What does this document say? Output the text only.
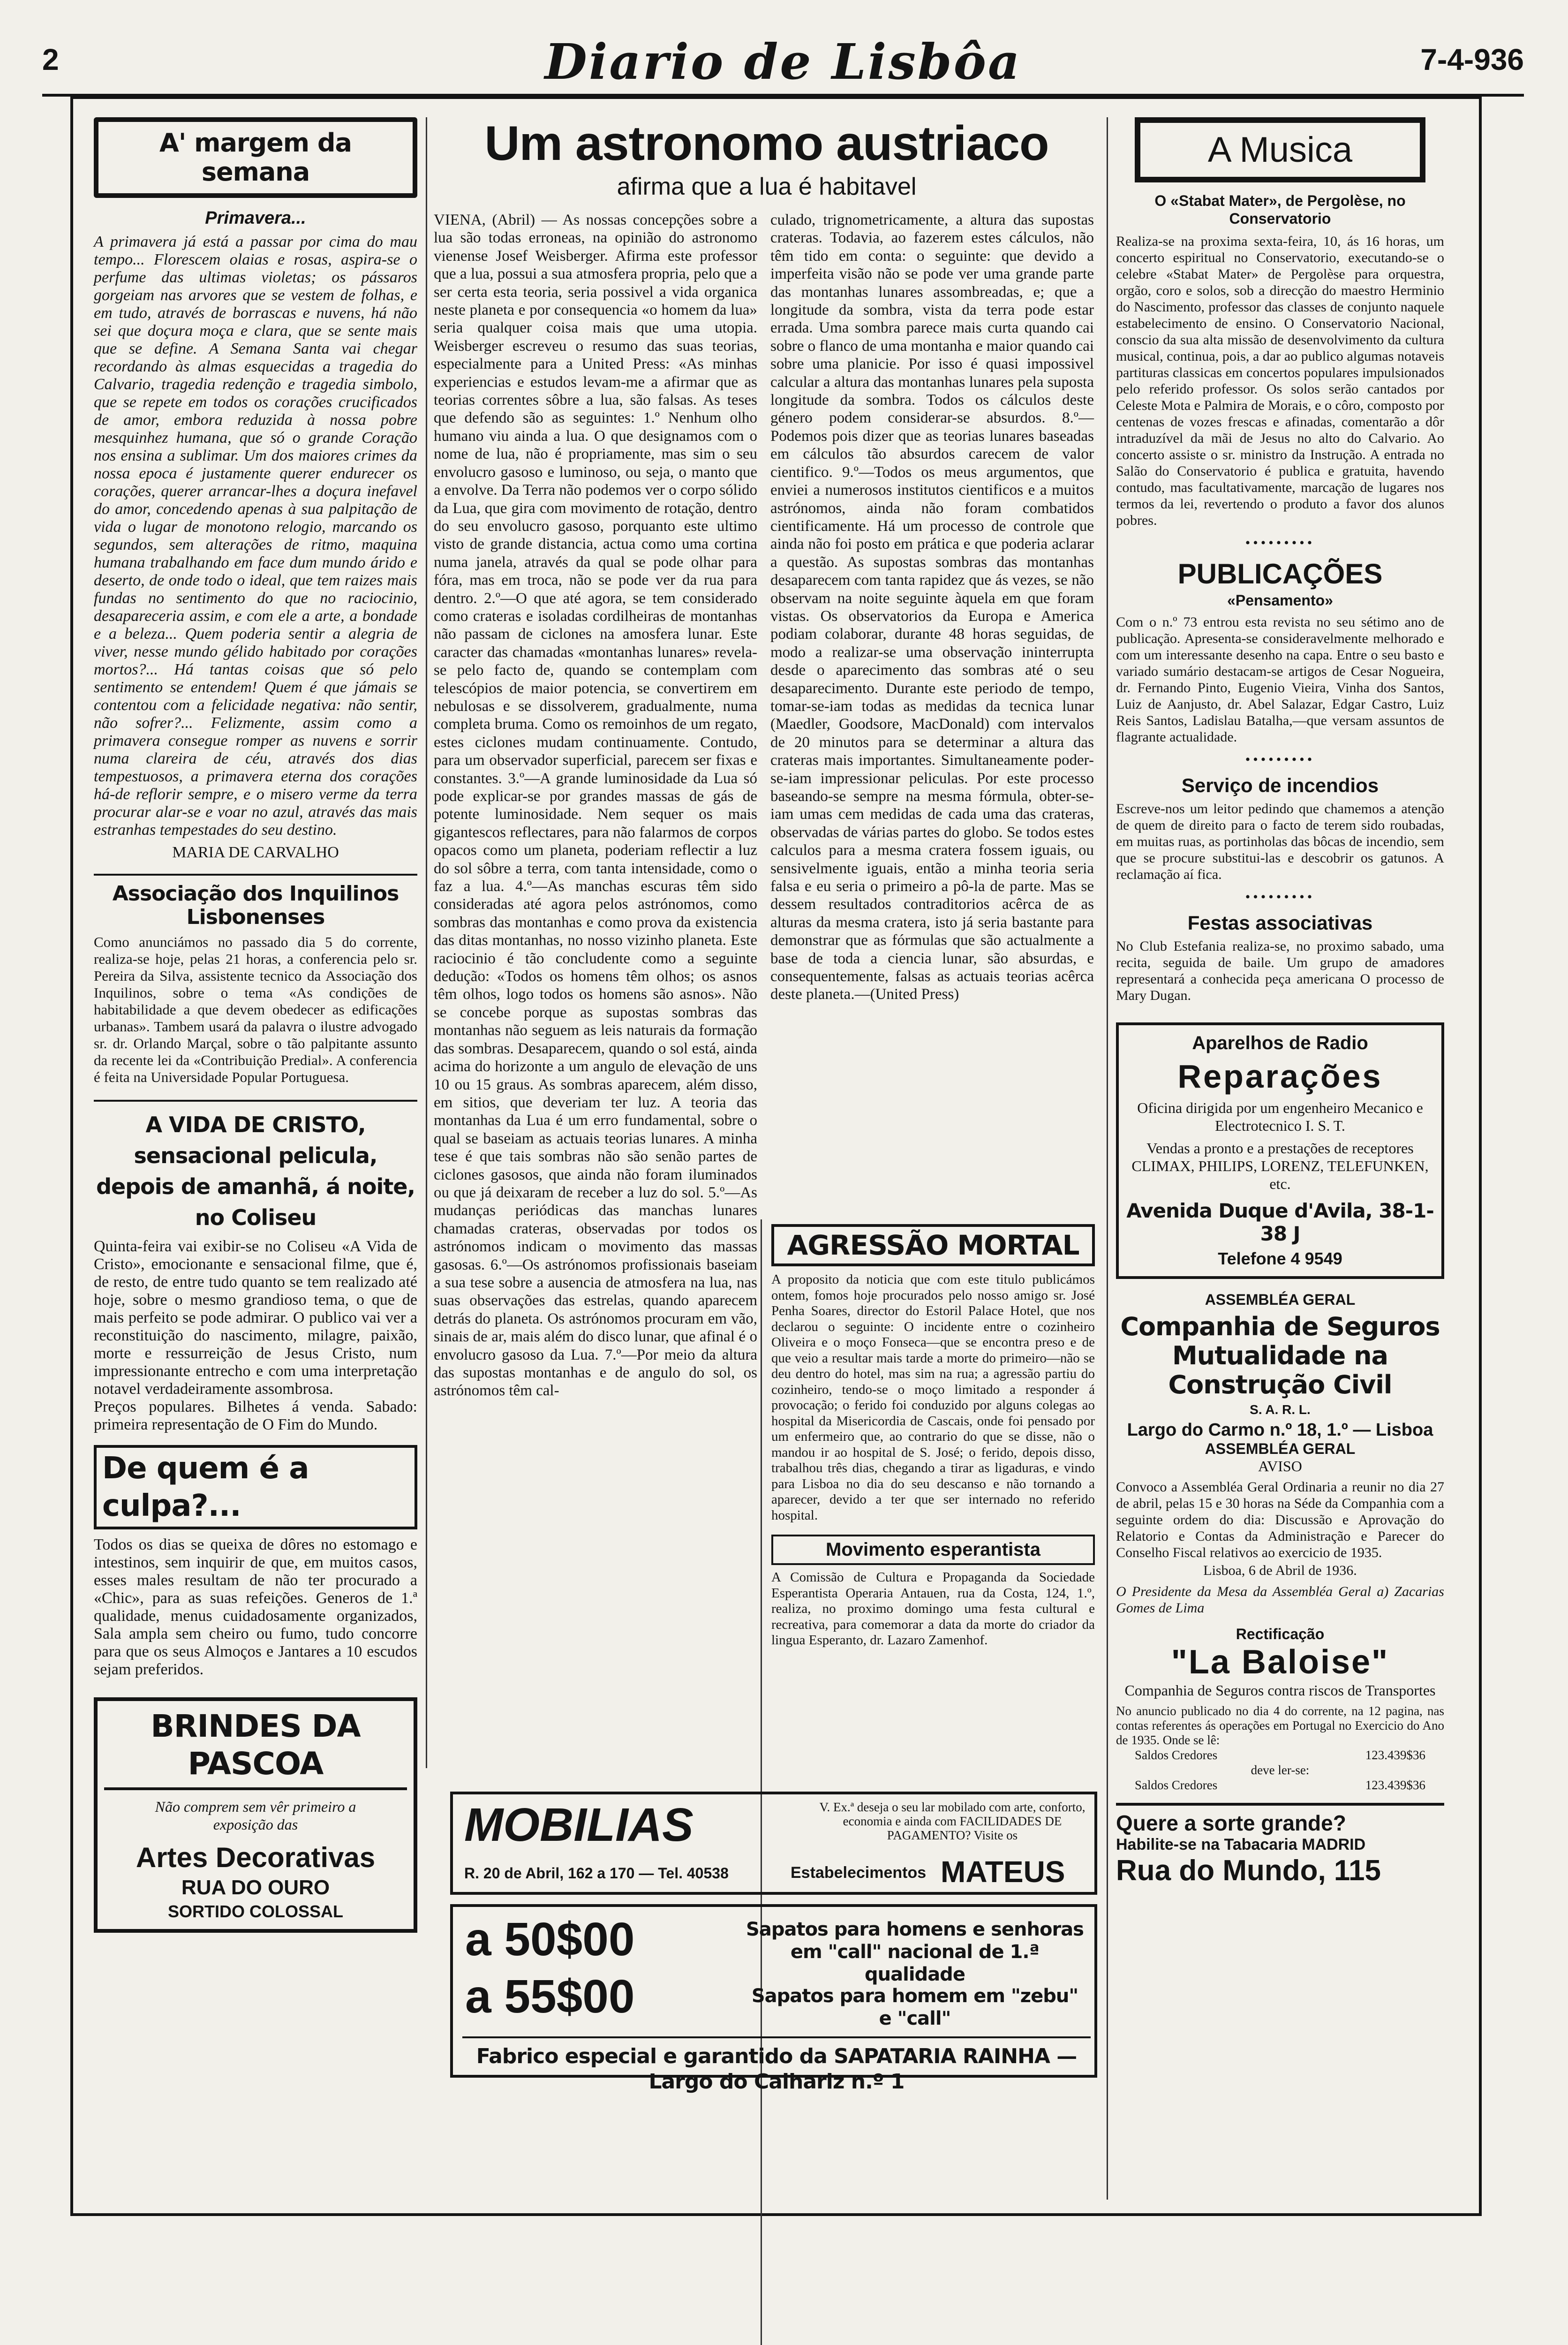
2	Diario de Lisbôa	7-4-936
A' margem da semana
Primavera...

A primavera já está a passar por cima do mau tempo... Florescem olaias e rosas, aspira-se o perfume das ultimas violetas; os pássaros gorgeiam nas arvores que se vestem de folhas, e em tudo, através de borrascas e nuvens, há não sei que doçura moça e clara, que se sente mais que se define. A Semana Santa vai chegar recordando às almas esquecidas a tragedia do Calvario, tragedia redenção e tragedia simbolo, que se repete em todos os corações crucificados de amor, embora reduzida à nossa pobre mesquinhez humana, que só o grande Coração nos ensina a sublimar. Um dos maiores crimes da nossa epoca é justamente querer endurecer os corações, querer arrancar-lhes a doçura inefavel do amor, concedendo apenas à sua palpitação de vida o lugar de monotono relogio, marcando os segundos, sem alterações de ritmo, maquina humana trabalhando em face dum mundo árido e deserto, de onde todo o ideal, que tem raizes mais fundas no sentimento do que no raciocinio, desapareceria assim, e com ele a arte, a bondade e a beleza... Quem poderia sentir a alegria de viver, nesse mundo gélido habitado por corações mortos?... Há tantas coisas que só pelo sentimento se entendem! Quem é que jámais se contentou com a felicidade negativa: não sentir, não sofrer?... Felizmente, assim como a primavera consegue romper as nuvens e sorrir numa clareira de céu, através dos dias tempestuosos, a primavera eterna dos corações há-de reflorir sempre, e o misero verme da terra procurar alar-se e voar no azul, através das mais estranhas tempestades do seu destino.

MARIA DE CARVALHO
Associação dos Inquilinos Lisbonenses

Como anunciámos no passado dia 5 do corrente, realiza-se hoje, pelas 21 horas, a conferencia pelo sr. Pereira da Silva, assistente tecnico da Associação dos Inquilinos, sobre o tema «As condições de habitabilidade a que devem obedecer as edificações urbanas». Tambem usará da palavra o ilustre advogado sr. dr. Orlando Marçal, sobre o tão palpitante assunto da recente lei da «Contribuição Predial». A conferencia é feita na Universidade Popular Portuguesa.

A VIDA DE CRISTO, sensacional pelicula, depois de amanhã, á noite, no Coliseu

Quinta-feira vai exibir-se no Coliseu «A Vida de Cristo», emocionante e sensacional filme, que é, de resto, de entre tudo quanto se tem realizado até hoje, sobre o mesmo grandioso tema, o que de mais perfeito se pode admirar. O publico vai ver a reconstituição do nascimento, milagre, paixão, morte e ressurreição de Jesus Cristo, num impressionante entrecho e com uma interpretação notavel verdadeiramente assombrosa.

Preços populares. Bilhetes á venda. Sabado: primeira representação de O Fim do Mundo.

De quem é a culpa?...

Todos os dias se queixa de dôres no estomago e intestinos, sem inquirir de que, em muitos casos, esses males resultam de não ter procurado a «Chic», para as suas refeições. Generos de 1.ª qualidade, menus cuidadosamente organizados, Sala ampla sem cheiro ou fumo, tudo concorre para que os seus Almoços e Jantares a 10 escudos sejam preferidos.

BRINDES DA PASCOA
Não comprem sem vêr primeiro a exposição das
Artes Decorativas
RUA DO OURO
SORTIDO COLOSSAL
Um astronomo austriaco
afirma que a lua é habitavel

VIENA, (Abril) — As nossas concepções sobre a lua são todas erroneas, na opinião do astronomo vienense Josef Weisberger. Afirma este professor que a lua, possui a sua atmosfera propria, pelo que a ser certa esta teoria, seria possivel a vida organica neste planeta e por consequencia «o homem da lua» seria qualquer coisa mais que uma utopia. Weisberger escreveu o resumo das suas teorias, especialmente para a United Press: «As minhas experiencias e estudos levam-me a afirmar que as teorias correntes sôbre a lua, são falsas. As teses que defendo são as seguintes: 1.º Nenhum olho humano viu ainda a lua. O que designamos com o nome de lua, não é propriamente, mas sim o seu envolucro gasoso e luminoso, ou seja, o manto que a envolve. Da Terra não podemos ver o corpo sólido da Lua, que gira com movimento de rotação, dentro do seu envolucro gasoso, porquanto este ultimo visto de grande distancia, actua como uma cortina numa janela, através da qual se pode olhar para fóra, mas em troca, não se pode ver da rua para dentro. 2.º—O que até agora, se tem considerado como crateras e isoladas cordilheiras de montanhas não passam de ciclones na amosfera lunar. Este caracter das chamadas «montanhas lunares» revela-se pelo facto de, quando se contemplam com telescópios de maior potencia, se convertirem em nebulosas e se dissolverem, gradualmente, numa completa bruma. Como os remoinhos de um regato, estes ciclones mudam continuamente. Contudo, para um observador superficial, parecem ser fixas e constantes. 3.º—A grande luminosidade da Lua só pode explicar-se por grandes massas de gás de potente luminosidade. Nem sequer os mais gigantescos reflectares, para não falarmos de corpos opacos como um planeta, poderiam reflectir a luz do sol sôbre a terra, com tanta intensidade, como o faz a lua. 4.º—As manchas escuras têm sido consideradas até agora pelos astrónomos, como sombras das montanhas e como prova da existencia das ditas montanhas, no nosso vizinho planeta. Este raciocinio é tão concludente como a seguinte dedução: «Todos os homens têm olhos; os asnos têm olhos, logo todos os homens são asnos». Não se concebe porque as supostas sombras das montanhas não seguem as leis naturais da formação das sombras. Desaparecem, quando o sol está, ainda acima do horizonte a um angulo de elevação de uns 10 ou 15 graus. As sombras aparecem, além disso, em sitios, que deveriam ter luz. A teoria das montanhas da Lua é um erro fundamental, sobre o qual se baseiam as actuais teorias lunares. A minha tese é que tais sombras não são senão partes de ciclones gasosos, que ainda não foram iluminados ou que já deixaram de receber a luz do sol. 5.º—As mudanças periódicas das manchas lunares chamadas crateras, observadas por todos os astrónomos indicam o movimento das massas gasosas. 6.º—Os astrónomos profissionais baseiam a sua tese sobre a ausencia de atmosfera na lua, nas suas observações das estrelas, quando aparecem detrás do planeta. Os astrónomos procuram em vão, sinais de ar, mais além do disco lunar, que afinal é o envolucro gasoso da Lua. 7.º—Por meio da altura das supostas montanhas e de angulo do sol, os astrónomos têm cal-

culado, trignometricamente, a altura das supostas crateras. Todavia, ao fazerem estes cálculos, não têm tido em conta: o seguinte: que devido a imperfeita visão não se pode ver uma grande parte das montanhas lunares assombreadas, e; que a longitude da sombra, vista da terra pode estar errada. Uma sombra parece mais curta quando cai sobre o flanco de uma montanha e maior quando cai sobre uma planicie. Por isso é quasi impossivel calcular a altura das montanhas lunares pela suposta longitude da sombra. Todos os cálculos deste género podem considerar-se absurdos. 8.º—Podemos pois dizer que as teorias lunares baseadas em cálculos tão absurdos carecem de valor cientifico. 9.º—Todos os meus argumentos, que enviei a numerosos institutos cientificos e a muitos astrónomos, ainda não foram combatidos cientificamente. Há um processo de controle que ainda não foi posto em prática e que poderia aclarar a questão. As supostas sombras das montanhas desaparecem com tanta rapidez que ás vezes, se não observam na noite seguinte àquela em que foram vistas. Os observatorios da Europa e America podiam colaborar, durante 48 horas seguidas, de modo a realizar-se uma observação ininterrupta desde o aparecimento das sombras até o seu desaparecimento. Durante este periodo de tempo, tomar-se-iam todas as medidas da tecnica lunar (Maedler, Goodsore, MacDonald) com intervalos de 20 minutos para se determinar a altura das crateras mais importantes. Simultaneamente poder-se-iam impressionar peliculas. Por este processo baseando-se sempre na mesma fórmula, obter-se-iam umas cem medidas de cada uma das crateras, observadas de várias partes do globo. Se todos estes calculos para a mesma cratera fossem iguais, ou sensivelmente iguais, então a minha teoria seria falsa e eu seria o primeiro a pô-la de parte. Mas se dessem resultados contraditorios acêrca de as alturas da mesma cratera, isto já seria bastante para demonstrar que as fórmulas que são actualmente a base de toda a ciencia lunar, são absurdas, e consequentemente, falsas as actuais teorias acêrca deste planeta.—(United Press)

AGRESSÃO MORTAL

A proposito da noticia que com este titulo publicámos ontem, fomos hoje procurados pelo nosso amigo sr. José Penha Soares, director do Estoril Palace Hotel, que nos declarou o seguinte: O incidente entre o cozinheiro Oliveira e o moço Fonseca—que se encontra preso e de que veio a resultar mais tarde a morte do primeiro—não se deu dentro do hotel, mas sim na rua; a agressão partiu do cozinheiro, tendo-se o moço limitado a responder á provocação; o ferido foi conduzido por alguns colegas ao hospital da Misericordia de Cascais, onde foi pensado por um enfermeiro que, ao contrario do que se disse, não o mandou ir ao hospital de S. José; o ferido, depois disso, trabalhou três dias, chegando a tirar as ligaduras, e vindo para Lisboa no dia do seu descanso e não tornando a aparecer, devido a ter que ser internado no referido hospital.

Movimento esperantista

A Comissão de Cultura e Propaganda da Sociedade Esperantista Operaria Antauen, rua da Costa, 124, 1.º, realiza, no proximo domingo uma festa cultural e recreativa, para comemorar a data da morte do criador da lingua Esperanto, dr. Lazaro Zamenhof.

MOBILIAS
R. 20 de Abril, 162 a 170 — Tel. 40538
V. Ex.ª deseja o seu lar mobilado com arte, conforto, economia e ainda com FACILIDADES DE PAGAMENTO? Visite os
Estabelecimentos MATEUS
a 50$00
a 55$00
Sapatos para homens e senhoras em "call" nacional de 1.ª qualidade
Sapatos para homem em "zebu" e "call"
Fabrico especial e garantido da SAPATARIA RAINHA — Largo do Calhariz n.º 1
A Musica
O «Stabat Mater», de Pergolèse, no Conservatorio

Realiza-se na proxima sexta-feira, 10, ás 16 horas, um concerto espiritual no Conservatorio, executando-se o celebre «Stabat Mater» de Pergolèse para orquestra, orgão, coro e solos, sob a direcção do maestro Herminio do Nascimento, professor das classes de conjunto naquele estabelecimento de ensino. O Conservatorio Nacional, consciо da sua alta missão de desenvolvimento da cultura musical, continua, pois, a dar ao publico algumas notaveis partituras classicas em concertos populares impulsionados pelo referido professor. Os solos serão cantados por Celeste Mota e Palmira de Morais, e o côro, composto por centenas de vozes frescas e afinadas, comentarão a dôr intraduzível da mãi de Jesus no alto do Calvario. Ao concerto assiste o sr. ministro da Instrução. A entrada no Salão do Conservatorio é publica e gratuita, havendo contudo, mas facultativamente, marcação de lugares nos termos da lei, revertendo o produto a favor dos alunos pobres.

•••••••••
PUBLICAÇÕES
«Pensamento»

Com o n.º 73 entrou esta revista no seu sétimo ano de publicação. Apresenta-se consideravelmente melhorado e com um interessante desenho na capa. Entre o seu basto e variado sumário destacam-se artigos de Cesar Nogueira, dr. Fernando Pinto, Eugenio Vieira, Vinha dos Santos, Luiz de Aanjusto, dr. Abel Salazar, Edgar Castro, Luiz Reis Santos, Ladislau Batalha,—que versam assuntos de flagrante actualidade.

•••••••••
Serviço de incendios

Escreve-nos um leitor pedindo que chamemos a atenção de quem de direito para o facto de terem sido roubadas, em muitas ruas, as portinholas das bôcas de incendio, sem que se procure substitui-las e descobrir os gatunos. A reclamação aí fica.

•••••••••
Festas associativas

No Club Estefania realiza-se, no proximo sabado, uma recita, seguida de baile. Um grupo de amadores representará a conhecida peça americana O processo de Mary Dugan.

Aparelhos de Radio
Reparações
Oficina dirigida por um engenheiro Mecanico e Electrotecnico I. S. T.
Vendas a pronto e a prestações de receptores CLIMAX, PHILIPS, LORENZ, TELEFUNKEN, etc.
Avenida Duque d'Avila, 38-1-38 J
Telefone 4 9549
ASSEMBLÉA GERAL
Companhia de Seguros Mutualidade na Construção Civil
S. A. R. L.
Largo do Carmo n.º 18, 1.º — Lisboa
ASSEMBLÉA GERAL
AVISO

Convoco a Assembléa Geral Ordinaria a reunir no dia 27 de abril, pelas 15 e 30 horas na Séde da Companhia com a seguinte ordem do dia: Discussão e Aprovação do Relatorio e Contas da Administração e Parecer do Conselho Fiscal relativos ao exercicio de 1935.

Lisboa, 6 de Abril de 1936.

O Presidente da Mesa da Assembléa Geral a) Zacarias Gomes de Lima

Rectificação
"La Baloise"
Companhia de Seguros contra riscos de Transportes

No anuncio publicado no dia 4 do corrente, na 12 pagina, nas contas referentes ás operações em Portugal no Exercicio do Ano de 1935. Onde se lê:

Saldos Credores	123.439$36
deve ler-se:
Saldos Credores	123.439$36
Quere a sorte grande?
Habilite-se na Tabacaria MADRID
Rua do Mundo, 115
